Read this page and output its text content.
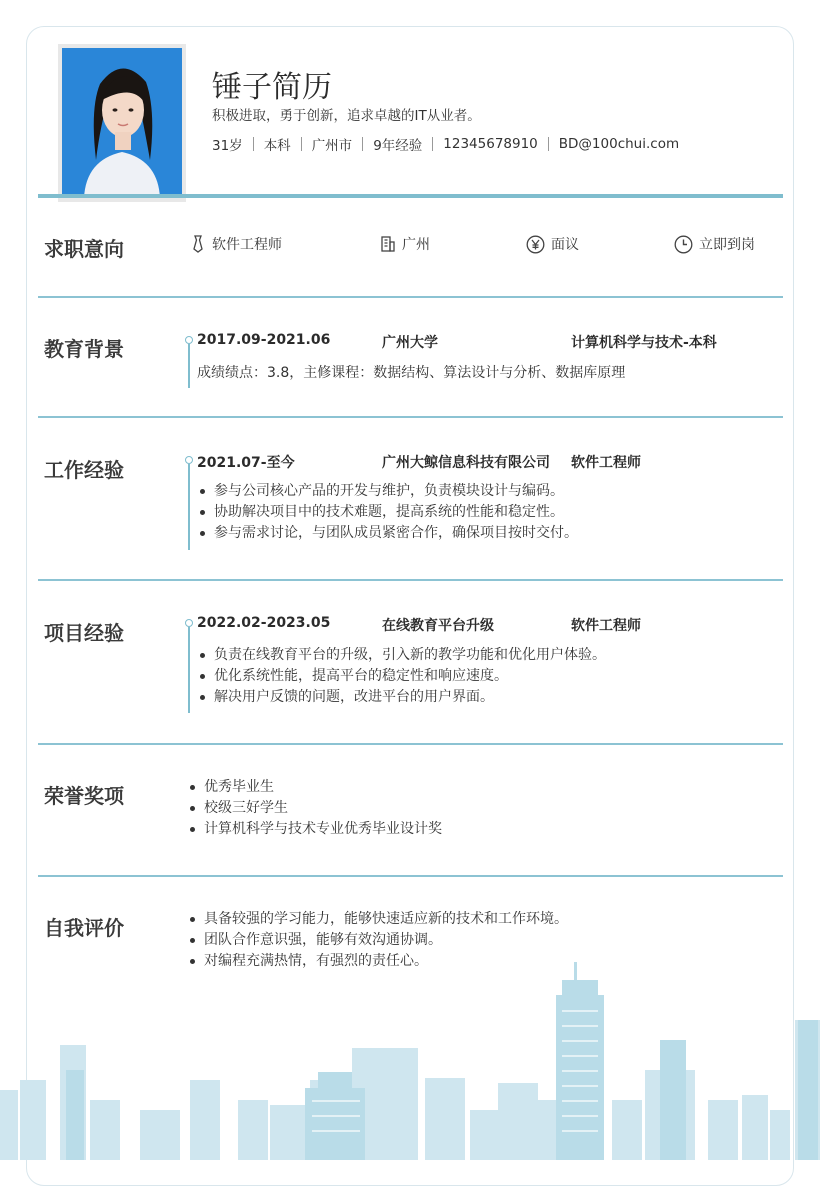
锤子简历
积极进取，勇于创新，追求卓越的IT从业者。
31岁 本科 广州市 9年经验 12345678910 BD@100chui.com
求职意向	软件工程师	广州	面议	立即到岗
教育背景	2017.09-2021.06	广州大学	计算机科学与技术-本科
成绩绩点：3.8，主修课程：数据结构、算法设计与分析、数据库原理
工作经验	2021.07-至今	广州大鲸信息科技有限公司 软件工程师
参与公司核心产品的开发与维护，负责模块设计与编码。
协助解决项目中的技术难题，提高系统的性能和稳定性。
参与需求讨论，与团队成员紧密合作，确保项目按时交付。
项目经验	2022.02-2023.05	在线教育平台升级	软件工程师
负责在线教育平台的升级，引入新的教学功能和优化用户体验。
优化系统性能，提高平台的稳定性和响应速度。
解决用户反馈的问题，改进平台的用户界面。
荣誉奖项	优秀毕业生
校级三好学生
计算机科学与技术专业优秀毕业设计奖
自我评价	具备较强的学习能力，能够快速适应新的技术和工作环境。
团队合作意识强，能够有效沟通协调。
对编程充满热情，有强烈的责任心。
